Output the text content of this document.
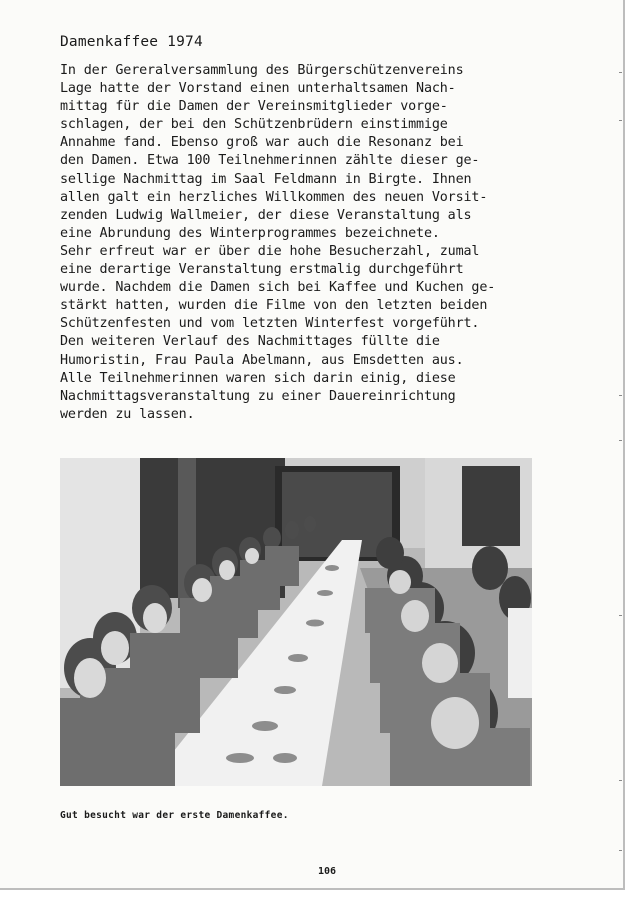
Damenkaffee 1974
In der Gereralversammlung des Bürgerschützenvereins
Lage hatte der Vorstand einen unterhaltsamen Nach-
mittag für die Damen der Vereinsmitglieder vorge-
schlagen, der bei den Schützenbrüdern einstimmige
Annahme fand. Ebenso groß war auch die Resonanz bei
den Damen. Etwa 100 Teilnehmerinnen zählte dieser ge-
sellige Nachmittag im Saal Feldmann in Birgte. Ihnen
allen galt ein herzliches Willkommen des neuen Vorsit-
zenden Ludwig Wallmeier, der diese Veranstaltung als
eine Abrundung des Winterprogrammes bezeichnete.
Sehr erfreut war er über die hohe Besucherzahl, zumal
eine derartige Veranstaltung erstmalig durchgeführt
wurde. Nachdem die Damen sich bei Kaffee und Kuchen ge-
stärkt hatten, wurden die Filme von den letzten beiden
Schützenfesten und vom letzten Winterfest vorgeführt.
Den weiteren Verlauf des Nachmittages füllte die
Humoristin, Frau Paula Abelmann, aus Emsdetten aus.
Alle Teilnehmerinnen waren sich darin einig, diese
Nachmittagsveranstaltung zu einer Dauereinrichtung
werden zu lassen.
Gut besucht war der erste Damenkaffee.
106
